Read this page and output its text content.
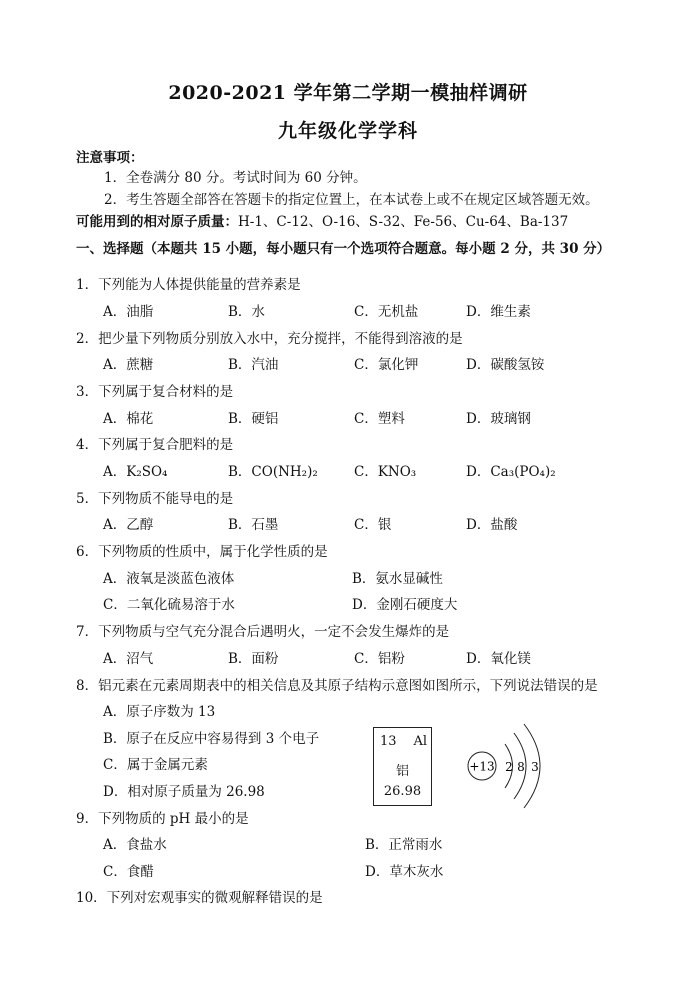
2020-2021 学年第二学期一模抽样调研
九年级化学学科
注意事项：
1．全卷满分 80 分。考试时间为 60 分钟。
2．考生答题全部答在答题卡的指定位置上，在本试卷上或不在规定区域答题无效。
可能用到的相对原子质量：H-1、C-12、O-16、S-32、Fe-56、Cu-64、Ba-137
一、选择题（本题共 15 小题，每小题只有一个选项符合题意。每小题 2 分，共 30 分）
1．下列能为人体提供能量的营养素是
A．油脂	B．水	C．无机盐	D．维生素
2．把少量下列物质分别放入水中，充分搅拌，不能得到溶液的是
A．蔗糖	B．汽油	C．氯化钾	D．碳酸氢铵
3．下列属于复合材料的是
A．棉花	B．硬铝	C．塑料	D．玻璃钢
4．下列属于复合肥料的是
A．K₂SO₄	B．CO(NH₂)₂	C．KNO₃	D．Ca₃(PO₄)₂
5．下列物质不能导电的是
A．乙醇	B．石墨	C．银	D．盐酸
6．下列物质的性质中，属于化学性质的是
A．液氧是淡蓝色液体	B．氨水显碱性
C．二氧化硫易溶于水	D．金刚石硬度大
7．下列物质与空气充分混合后遇明火，一定不会发生爆炸的是
A．沼气	B．面粉	C．铝粉	D．氧化镁
8．铝元素在元素周期表中的相关信息及其原子结构示意图如图所示，下列说法错误的是
A．原子序数为 13
B．原子在反应中容易得到 3 个电子
C．属于金属元素
D．相对原子质量为 26.98
13 Al
铝
26.98
+13 2 8 3
9．下列物质的 pH 最小的是
A．食盐水	B．正常雨水
C．食醋	D．草木灰水
10．下列对宏观事实的微观解释错误的是
